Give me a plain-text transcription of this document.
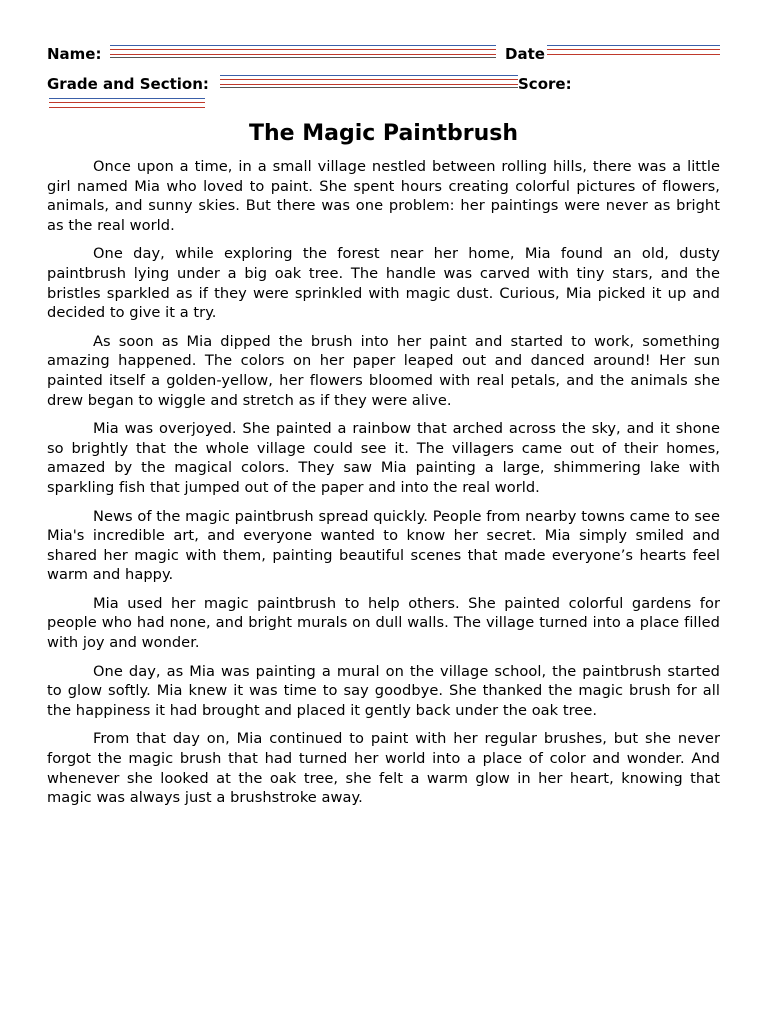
Name:	Date
Grade and Section:	Score:
The Magic Paintbrush

Once upon a time, in a small village nestled between rolling hills, there was a little girl named Mia who loved to paint. She spent hours creating colorful pictures of flowers, animals, and sunny skies. But there was one problem: her paintings were never as bright as the real world.

One day, while exploring the forest near her home, Mia found an old, dusty paintbrush lying under a big oak tree. The handle was carved with tiny stars, and the bristles sparkled as if they were sprinkled with magic dust. Curious, Mia picked it up and decided to give it a try.

As soon as Mia dipped the brush into her paint and started to work, something amazing happened. The colors on her paper leaped out and danced around! Her sun painted itself a golden-yellow, her flowers bloomed with real petals, and the animals she drew began to wiggle and stretch as if they were alive.

Mia was overjoyed. She painted a rainbow that arched across the sky, and it shone so brightly that the whole village could see it. The villagers came out of their homes, amazed by the magical colors. They saw Mia painting a large, shimmering lake with sparkling fish that jumped out of the paper and into the real world.

News of the magic paintbrush spread quickly. People from nearby towns came to see Mia's incredible art, and everyone wanted to know her secret. Mia simply smiled and shared her magic with them, painting beautiful scenes that made everyone’s hearts feel warm and happy.

Mia used her magic paintbrush to help others. She painted colorful gardens for people who had none, and bright murals on dull walls. The village turned into a place filled with joy and wonder.

One day, as Mia was painting a mural on the village school, the paintbrush started to glow softly. Mia knew it was time to say goodbye. She thanked the magic brush for all the happiness it had brought and placed it gently back under the oak tree.

From that day on, Mia continued to paint with her regular brushes, but she never forgot the magic brush that had turned her world into a place of color and wonder. And whenever she looked at the oak tree, she felt a warm glow in her heart, knowing that magic was always just a brushstroke away.
